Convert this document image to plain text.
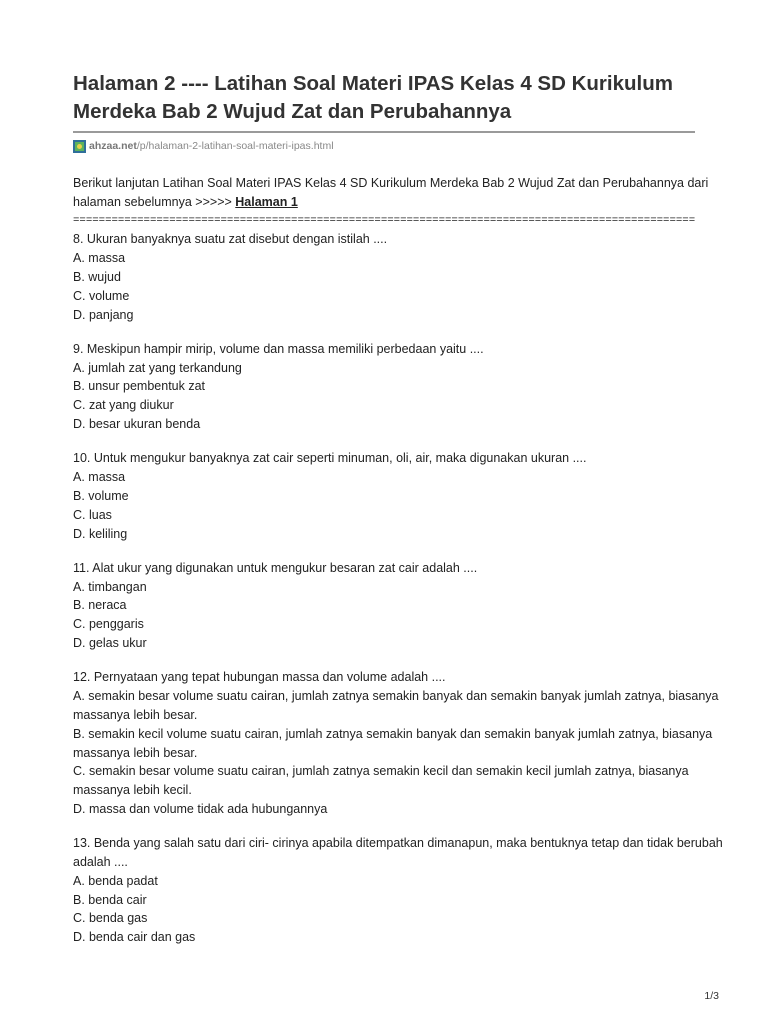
Halaman 2 ---- Latihan Soal Materi IPAS Kelas 4 SD Kurikulum Merdeka Bab 2 Wujud Zat dan Perubahannya
ahzaa.net /p/halaman-2-latihan-soal-materi-ipas.html

Berikut lanjutan Latihan Soal Materi IPAS Kelas 4 SD Kurikulum Merdeka Bab 2 Wujud Zat dan Perubahannya dari halaman sebelumnya >>>>> Halaman 1

=================================================================================================

8. Ukuran banyaknya suatu zat disebut dengan istilah ....

A. massa
B. wujud
C. volume
D. panjang

9. Meskipun hampir mirip, volume dan massa memiliki perbedaan yaitu ....

A. jumlah zat yang terkandung
B. unsur pembentuk zat
C. zat yang diukur
D. besar ukuran benda

10. Untuk mengukur banyaknya zat cair seperti minuman, oli, air, maka digunakan ukuran ....

A. massa
B. volume
C. luas
D. keliling

11. Alat ukur yang digunakan untuk mengukur besaran zat cair adalah ....

A. timbangan
B. neraca
C. penggaris
D. gelas ukur

12. Pernyataan yang tepat hubungan massa dan volume adalah ....

A. semakin besar volume suatu cairan, jumlah zatnya semakin banyak dan semakin banyak jumlah zatnya, biasanya massanya lebih besar.
B. semakin kecil volume suatu cairan, jumlah zatnya semakin banyak dan semakin banyak jumlah zatnya, biasanya massanya lebih besar.
C. semakin besar volume suatu cairan, jumlah zatnya semakin kecil dan semakin kecil jumlah zatnya, biasanya massanya lebih kecil.
D. massa dan volume tidak ada hubungannya

13. Benda yang salah satu dari ciri- cirinya apabila ditempatkan dimanapun, maka bentuknya tetap dan tidak berubah adalah ....

A. benda padat
B. benda cair
C. benda gas
D. benda cair dan gas
1/3
